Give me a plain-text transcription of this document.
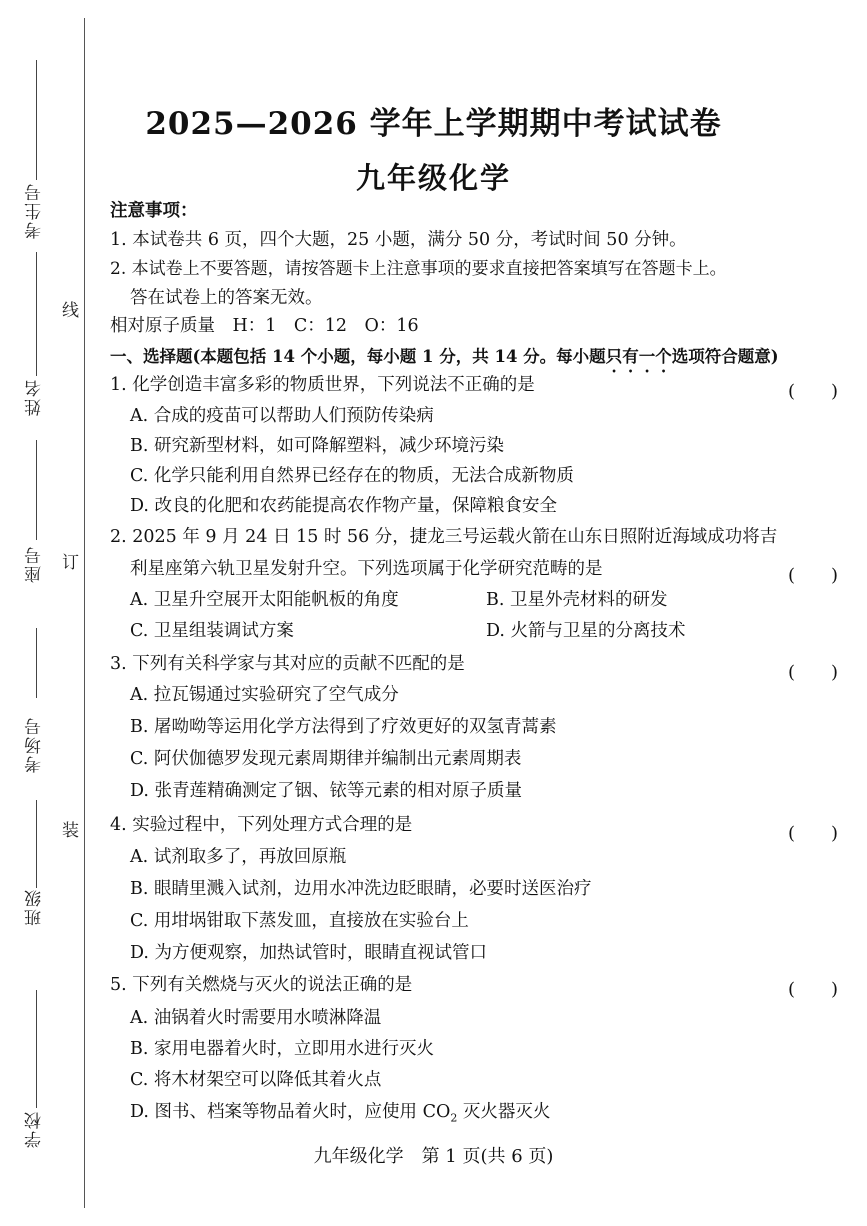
考生号
姓名
座号
考场号
班级
学校
线
订
装
2025—2026 学年上学期期中考试试卷
九年级化学
注意事项：
1. 本试卷共 6 页，四个大题，25 小题，满分 50 分，考试时间 50 分钟。
2. 本试卷上不要答题，请按答题卡上注意事项的要求直接把答案填写在答题卡上。
答在试卷上的答案无效。
相对原子质量　H：1　C：12　O：16
一、选择题(本题包括 14 个小题，每小题 1 分，共 14 分。每小题只有一个选项符合题意)
1. 化学创造丰富多彩的物质世界，下列说法不正确的是	(　　)
A. 合成的疫苗可以帮助人们预防传染病
B. 研究新型材料，如可降解塑料，减少环境污染
C. 化学只能利用自然界已经存在的物质，无法合成新物质
D. 改良的化肥和农药能提高农作物产量，保障粮食安全
2. 2025 年 9 月 24 日 15 时 56 分，捷龙三号运载火箭在山东日照附近海域成功将吉
利星座第六轨卫星发射升空。下列选项属于化学研究范畴的是	(　　)
A. 卫星升空展开太阳能帆板的角度	B. 卫星外壳材料的研发
C. 卫星组装调试方案	D. 火箭与卫星的分离技术
3. 下列有关科学家与其对应的贡献不匹配的是	(　　)
A. 拉瓦锡通过实验研究了空气成分
B. 屠呦呦等运用化学方法得到了疗效更好的双氢青蒿素
C. 阿伏伽德罗发现元素周期律并编制出元素周期表
D. 张青莲精确测定了铟、铱等元素的相对原子质量
4. 实验过程中，下列处理方式合理的是	(　　)
A. 试剂取多了，再放回原瓶
B. 眼睛里溅入试剂，边用水冲洗边眨眼睛，必要时送医治疗
C. 用坩埚钳取下蒸发皿，直接放在实验台上
D. 为方便观察，加热试管时，眼睛直视试管口
5. 下列有关燃烧与灭火的说法正确的是	(　　)
A. 油锅着火时需要用水喷淋降温
B. 家用电器着火时，立即用水进行灭火
C. 将木材架空可以降低其着火点
D. 图书、档案等物品着火时，应使用 $CO_2$ 灭火器灭火
九年级化学　第 1 页(共 6 页)
